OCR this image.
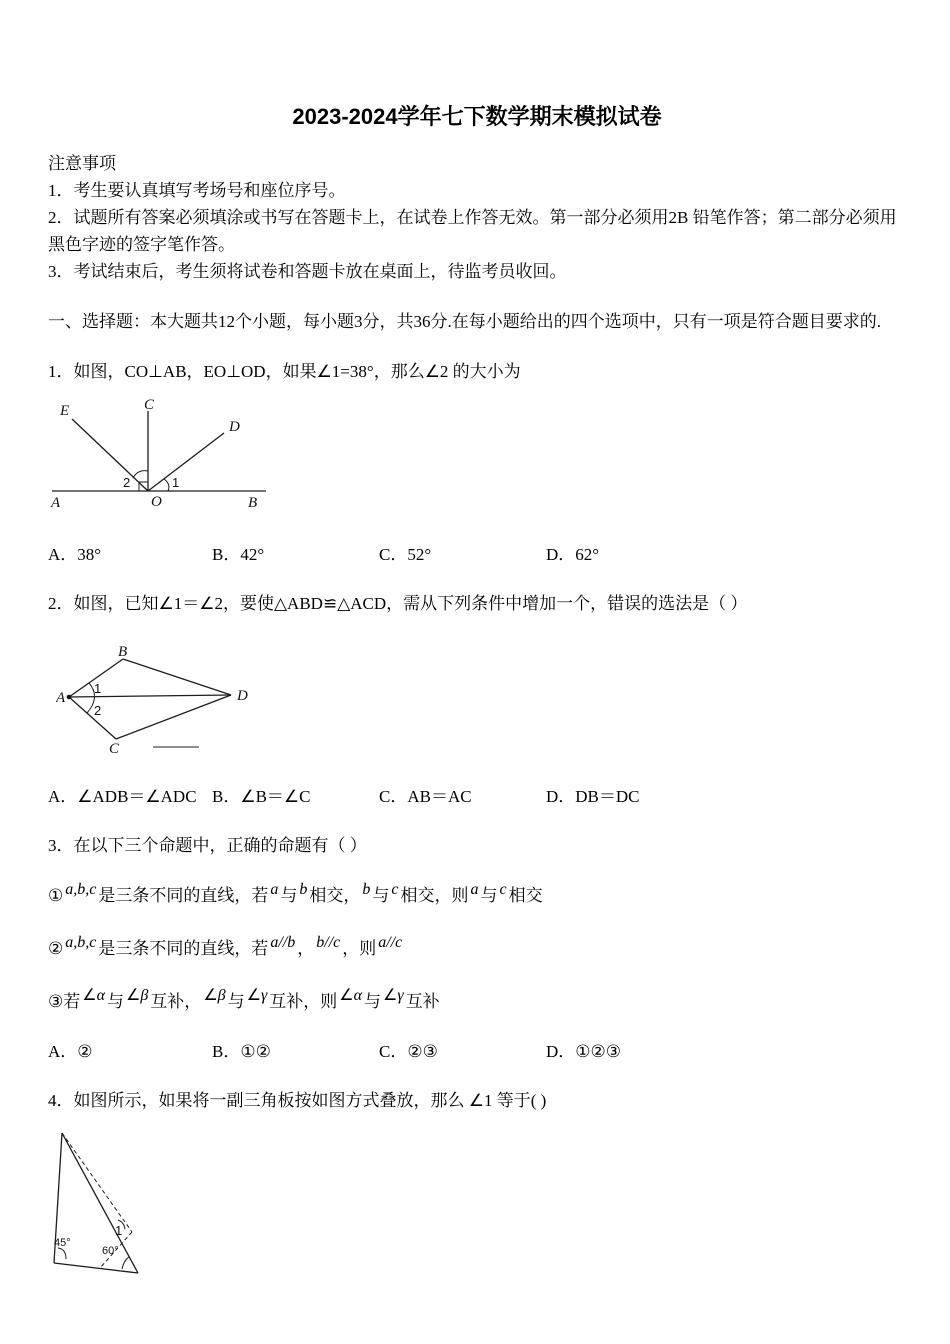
2023-2024学年七下数学期末模拟试卷
注意事项
1．考生要认真填写考场号和座位序号。
2．试题所有答案必须填涂或书写在答题卡上，在试卷上作答无效。第一部分必须用2B 铅笔作答；第二部分必须用黑色字迹的签字笔作答。
3．考试结束后，考生须将试卷和答题卡放在桌面上，待监考员收回。
一、选择题：本大题共12个小题，每小题3分，共36分.在每小题给出的四个选项中，只有一项是符合题目要求的.
1．如图，CO⊥AB，EO⊥OD，如果∠1=38°，那么∠2 的大小为
E	C
D
A	O	B
2	1
A．38°	B．42°	C．52°	D．62°
2．如图，已知∠1＝∠2，要使△ABD≌△ACD，需从下列条件中增加一个，错误的选法是（ ）
A
B
C
D
1
2
A．∠ADB＝∠ADC B．∠B＝∠C	C．AB＝AC	D．DB＝DC
3．在以下三个命题中，正确的命题有（ ）
① a,b,c 是三条不同的直线，若 a 与 b 相交， b 与 c 相交，则 a 与 c 相交
② a,b,c 是三条不同的直线，若 a//b ， b//c ，则 a//c
③若 ∠α 与 ∠β 互补， ∠β 与 ∠γ 互补，则 ∠α 与 ∠γ 互补
A．②	B．①②	C．②③	D．①②③
4．如图所示，如果将一副三角板按如图方式叠放，那么 ∠1 等于( )
45°
60°
1
